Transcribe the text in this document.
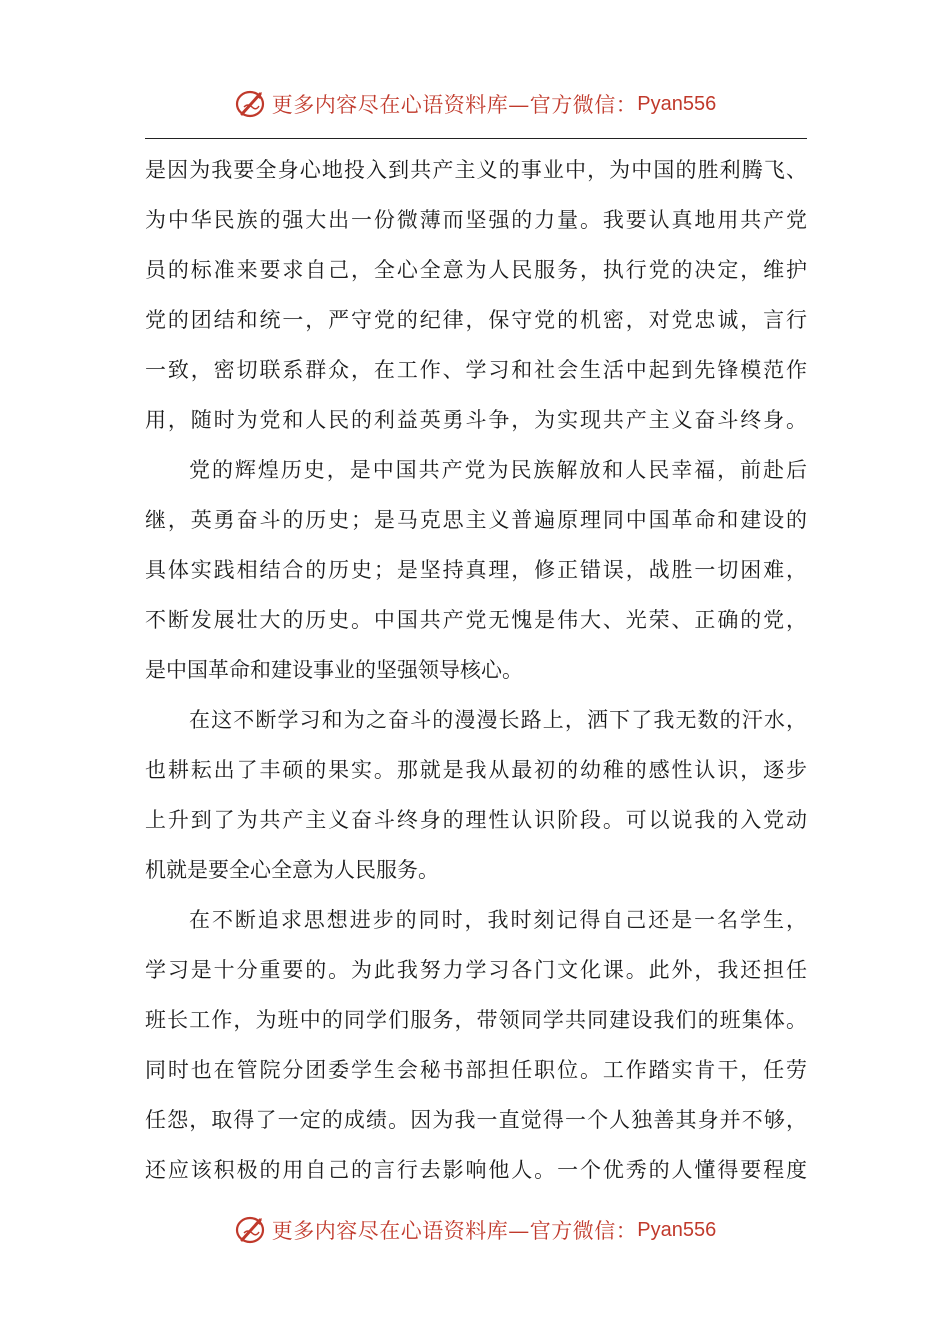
更多内容尽在心语资料库—官方微信： Pyan556
是因为我要全身心地投入到共产主义的事业中，为中国的胜利腾飞、
为中华民族的强大出一份微薄而坚强的力量。我要认真地用共产党
员的标准来要求自己，全心全意为人民服务，执行党的决定，维护
党的团结和统一，严守党的纪律，保守党的机密，对党忠诚，言行
一致，密切联系群众，在工作、学习和社会生活中起到先锋模范作
用，随时为党和人民的利益英勇斗争，为实现共产主义奋斗终身。
党的辉煌历史，是中国共产党为民族解放和人民幸福，前赴后
继，英勇奋斗的历史；是马克思主义普遍原理同中国革命和建设的
具体实践相结合的历史；是坚持真理，修正错误，战胜一切困难，
不断发展壮大的历史。中国共产党无愧是伟大、光荣、正确的党，
是中国革命和建设事业的坚强领导核心。
在这不断学习和为之奋斗的漫漫长路上，洒下了我无数的汗水，
也耕耘出了丰硕的果实。那就是我从最初的幼稚的感性认识，逐步
上升到了为共产主义奋斗终身的理性认识阶段。可以说我的入党动
机就是要全心全意为人民服务。
在不断追求思想进步的同时，我时刻记得自己还是一名学生，
学习是十分重要的。为此我努力学习各门文化课。此外，我还担任
班长工作，为班中的同学们服务，带领同学共同建设我们的班集体。
同时也在管院分团委学生会秘书部担任职位。工作踏实肯干，任劳
任怨，取得了一定的成绩。因为我一直觉得一个人独善其身并不够，
还应该积极的用自己的言行去影响他人。一个优秀的人懂得要程度
更多内容尽在心语资料库—官方微信： Pyan556
